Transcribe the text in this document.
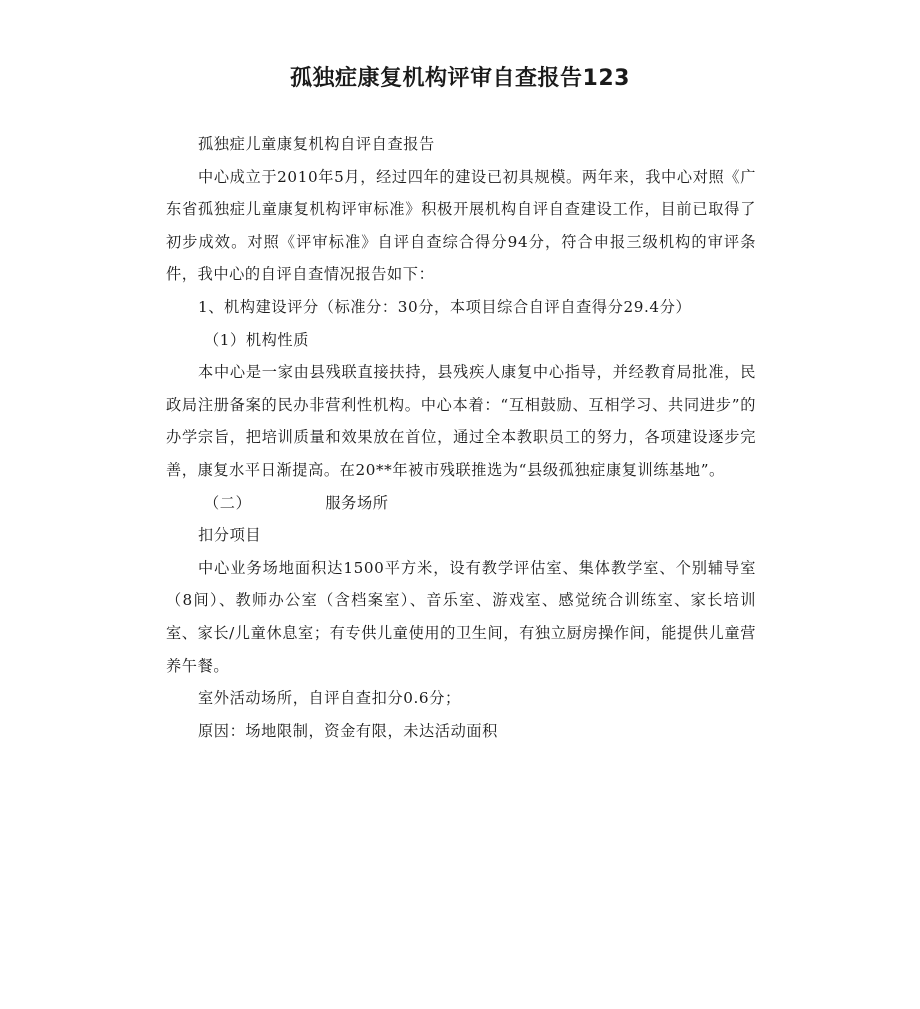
孤独症康复机构评审自查报告123

孤独症儿童康复机构自评自查报告

中心成立于2010年5月，经过四年的建设已初具规模。两年来，我中心对照《广东省孤独症儿童康复机构评审标准》积极开展机构自评自查建设工作，目前已取得了初步成效。对照《评审标准》自评自查综合得分94分，符合申报三级机构的审评条件，我中心的自评自查情况报告如下：

1、机构建设评分（标准分：30分，本项目综合自评自查得分29.4分）

（1）机构性质

本中心是一家由县残联直接扶持，县残疾人康复中心指导，并经教育局批准，民政局注册备案的民办非营利性机构。中心本着：“互相鼓励、互相学习、共同进步”的办学宗旨，把培训质量和效果放在首位，通过全本教职员工的努力，各项建设逐步完善，康复水平日渐提高。在20**年被市残联推选为“县级孤独症康复训练基地”。

（二）	服务场所

扣分项目

中心业务场地面积达1500平方米，设有教学评估室、集体教学室、个别辅导室（8间）、教师办公室（含档案室）、音乐室、游戏室、感觉统合训练室、家长培训室、家长/儿童休息室；有专供儿童使用的卫生间，有独立厨房操作间，能提供儿童营养午餐。

室外活动场所，自评自查扣分0.6分；

原因：场地限制，资金有限，未达活动面积
